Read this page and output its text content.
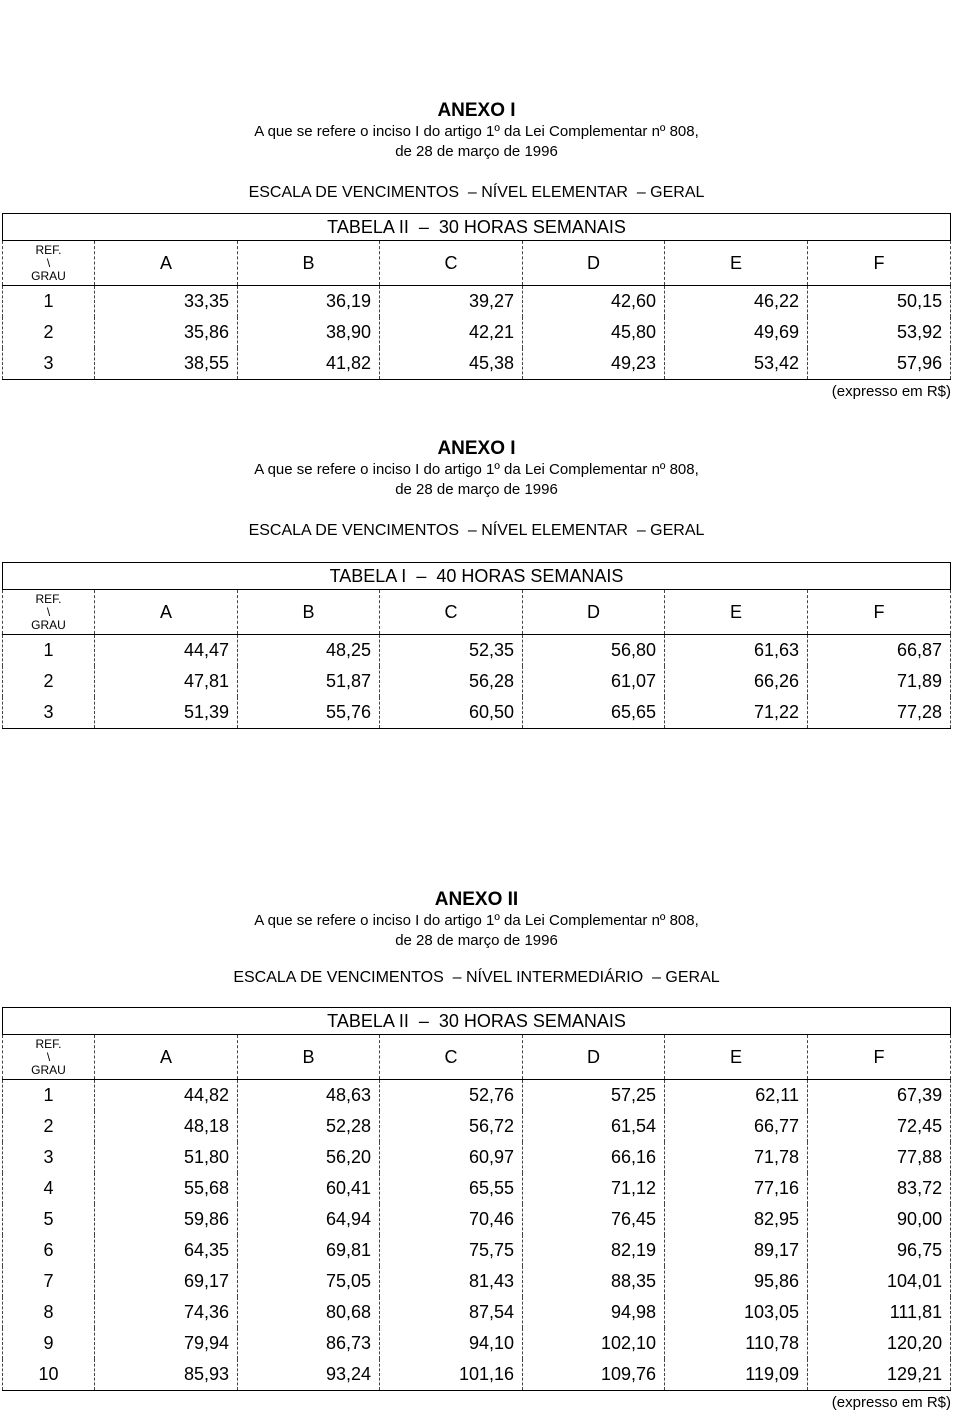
ANEXO I
A que se refere o inciso I do artigo 1º da Lei Complementar nº 808,
de 28 de março de 1996
ESCALA DE VENCIMENTOS  – NÍVEL ELEMENTAR  – GERAL
TABELA II  –  30 HORAS SEMANAIS						

REF.
\
GRAU	A	B	C	D	E	F
1	33,35	36,19	39,27	42,60	46,22	50,15
2	35,86	38,90	42,21	45,80	49,69	53,92
3	38,55	41,82	45,38	49,23	53,42	57,96
(expresso em R$)
ANEXO I
A que se refere o inciso I do artigo 1º da Lei Complementar nº 808,
de 28 de março de 1996
ESCALA DE VENCIMENTOS  – NÍVEL ELEMENTAR  – GERAL
TABELA I  –  40 HORAS SEMANAIS						

REF.
\
GRAU	A	B	C	D	E	F
1	44,47	48,25	52,35	56,80	61,63	66,87
2	47,81	51,87	56,28	61,07	66,26	71,89
3	51,39	55,76	60,50	65,65	71,22	77,28
ANEXO II
A que se refere o inciso I do artigo 1º da Lei Complementar nº 808,
de 28 de março de 1996
ESCALA DE VENCIMENTOS  – NÍVEL INTERMEDIÁRIO  – GERAL
TABELA II  –  30 HORAS SEMANAIS						

REF.
\
GRAU	A	B	C	D	E	F
1	44,82	48,63	52,76	57,25	62,11	67,39
2	48,18	52,28	56,72	61,54	66,77	72,45
3	51,80	56,20	60,97	66,16	71,78	77,88
4	55,68	60,41	65,55	71,12	77,16	83,72
5	59,86	64,94	70,46	76,45	82,95	90,00
6	64,35	69,81	75,75	82,19	89,17	96,75
7	69,17	75,05	81,43	88,35	95,86	104,01
8	74,36	80,68	87,54	94,98	103,05	111,81
9	79,94	86,73	94,10	102,10	110,78	120,20
10	85,93	93,24	101,16	109,76	119,09	129,21
(expresso em R$)
